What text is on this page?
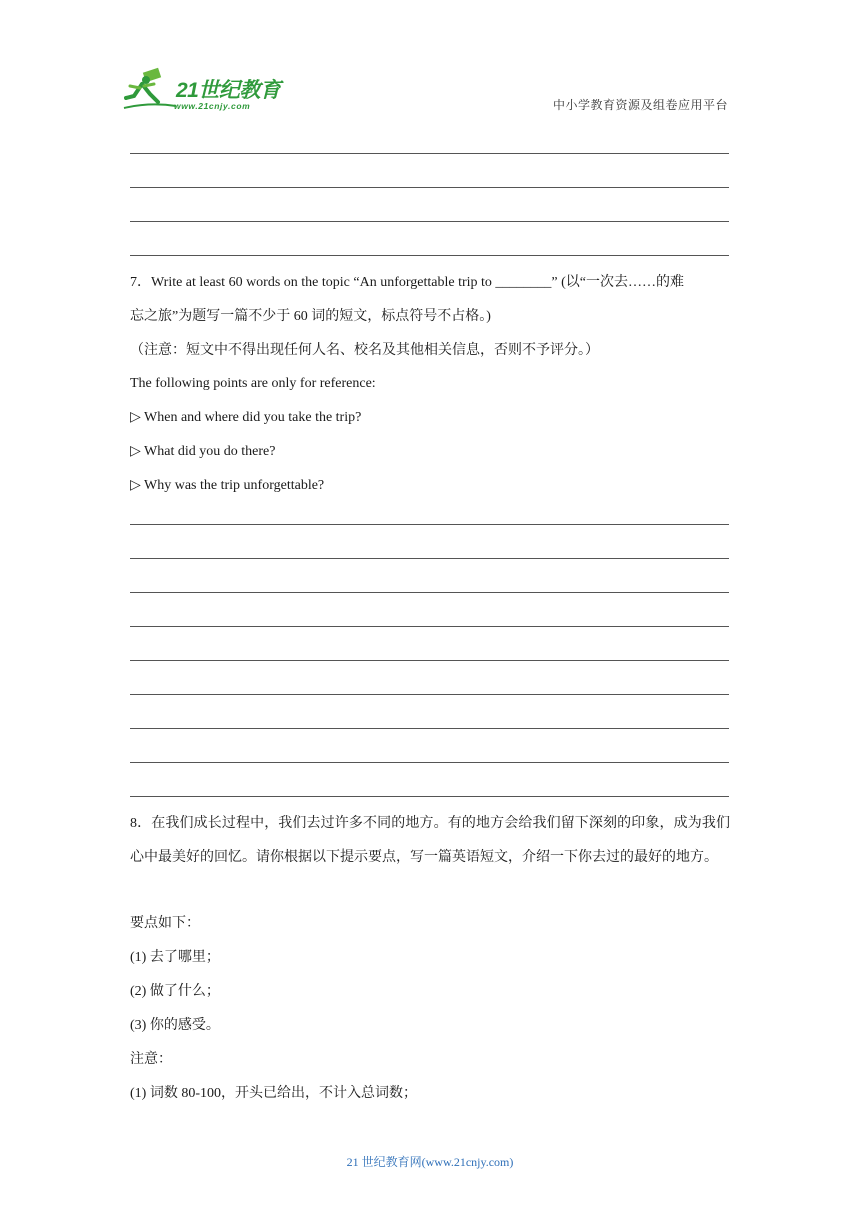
21世纪教育
www.21cnjy.com	中小学教育资源及组卷应用平台
7．Write at least 60 words on the topic “An unforgettable trip to ________” (以“一次去……的难
忘之旅”为题写一篇不少于 60 词的短文，标点符号不占格。)
（注意：短文中不得出现任何人名、校名及其他相关信息，否则不予评分。）
The following points are only for reference:
▷ When and where did you take the trip?
▷ What did you do there?
▷ Why was the trip unforgettable?
8．在我们成长过程中，我们去过许多不同的地方。有的地方会给我们留下深刻的印象，成为我们心中最美好的回忆。请你根据以下提示要点，写一篇英语短文，介绍一下你去过的最好的地方。
要点如下：
(1) 去了哪里；
(2) 做了什么；
(3) 你的感受。
注意：
(1) 词数 80-100，开头已给出，不计入总词数；
21 世纪教育网(www.21cnjy.com)
